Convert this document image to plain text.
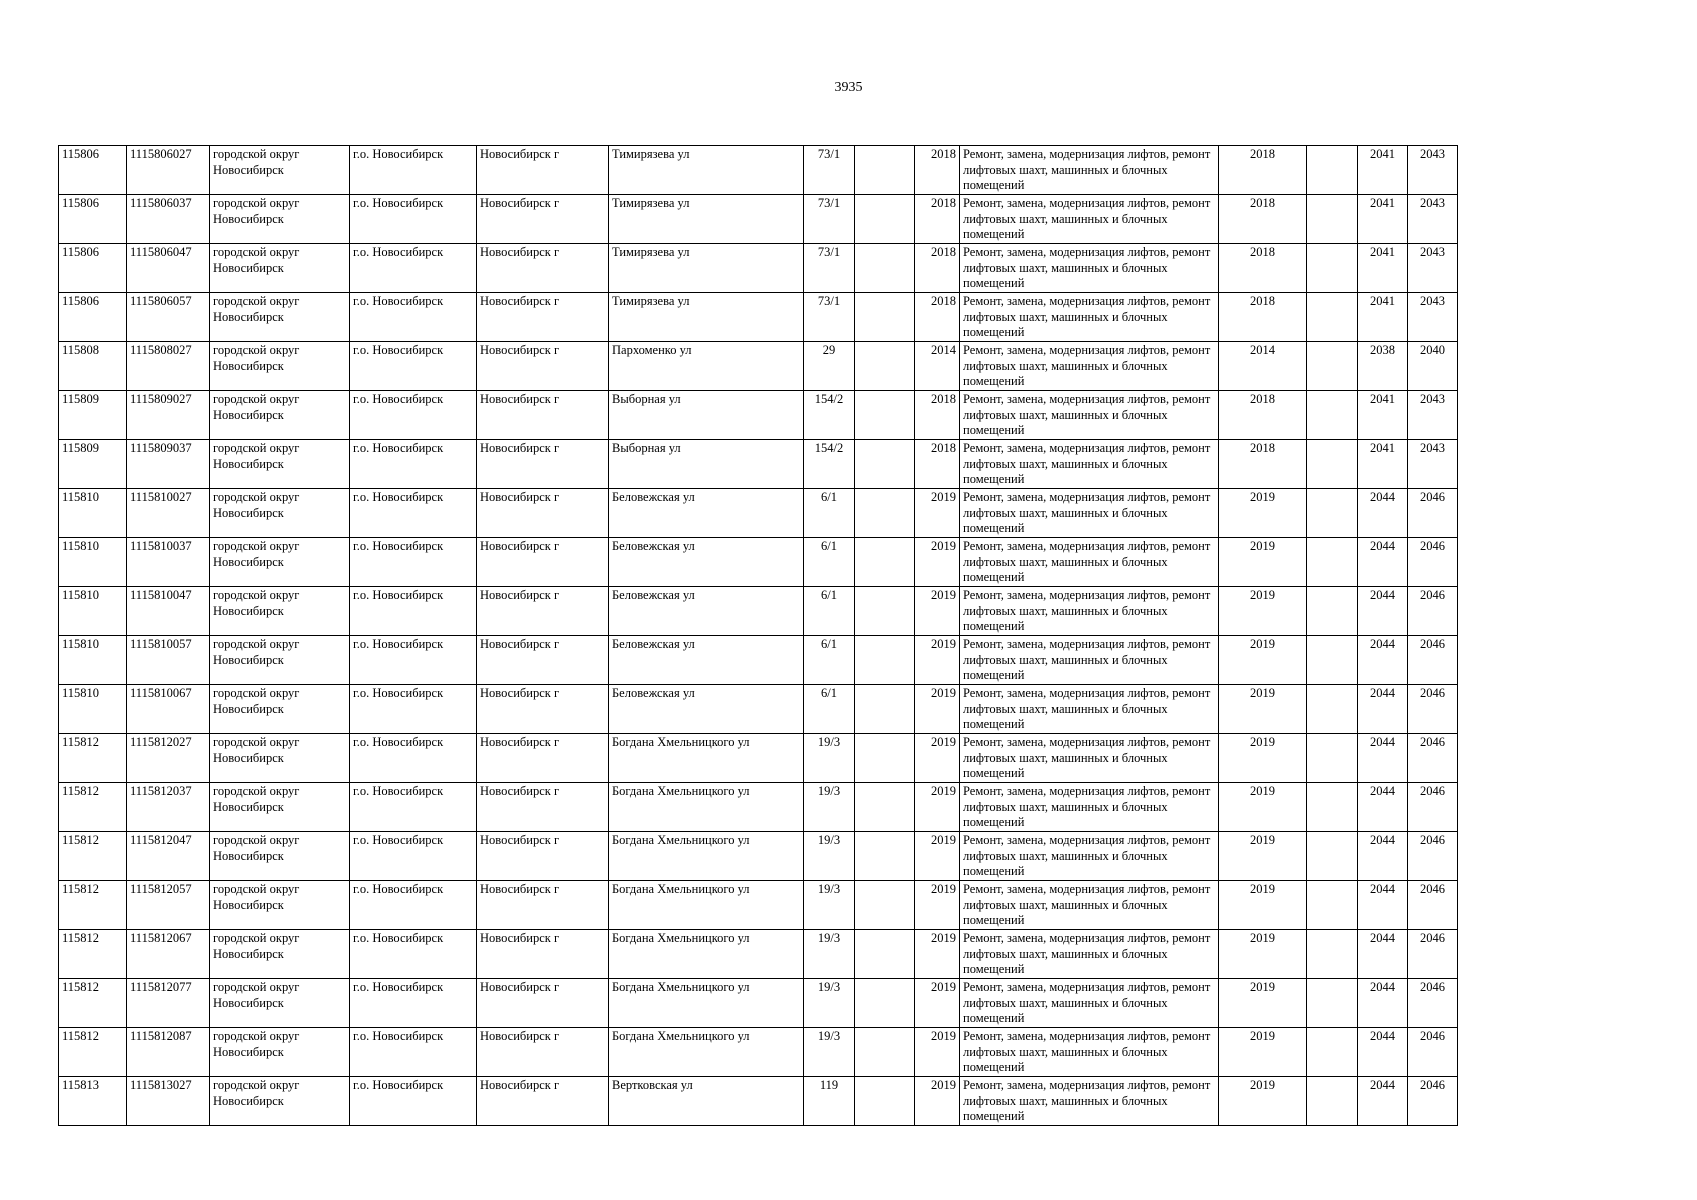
3935
115806	1115806027	городской округ Новосибирск	г.о. Новосибирск	Новосибирск г	Тимирязева ул	73/1		2018	Ремонт, замена, модернизация лифтов, ремонт лифтовых шахт, машинных и блочных помещений	2018		2041	2043
115806	1115806037	городской округ Новосибирск	г.о. Новосибирск	Новосибирск г	Тимирязева ул	73/1		2018	Ремонт, замена, модернизация лифтов, ремонт лифтовых шахт, машинных и блочных помещений	2018		2041	2043
115806	1115806047	городской округ Новосибирск	г.о. Новосибирск	Новосибирск г	Тимирязева ул	73/1		2018	Ремонт, замена, модернизация лифтов, ремонт лифтовых шахт, машинных и блочных помещений	2018		2041	2043
115806	1115806057	городской округ Новосибирск	г.о. Новосибирск	Новосибирск г	Тимирязева ул	73/1		2018	Ремонт, замена, модернизация лифтов, ремонт лифтовых шахт, машинных и блочных помещений	2018		2041	2043
115808	1115808027	городской округ Новосибирск	г.о. Новосибирск	Новосибирск г	Пархоменко ул	29		2014	Ремонт, замена, модернизация лифтов, ремонт лифтовых шахт, машинных и блочных помещений	2014		2038	2040
115809	1115809027	городской округ Новосибирск	г.о. Новосибирск	Новосибирск г	Выборная ул	154/2		2018	Ремонт, замена, модернизация лифтов, ремонт лифтовых шахт, машинных и блочных помещений	2018		2041	2043
115809	1115809037	городской округ Новосибирск	г.о. Новосибирск	Новосибирск г	Выборная ул	154/2		2018	Ремонт, замена, модернизация лифтов, ремонт лифтовых шахт, машинных и блочных помещений	2018		2041	2043
115810	1115810027	городской округ Новосибирск	г.о. Новосибирск	Новосибирск г	Беловежская ул	6/1		2019	Ремонт, замена, модернизация лифтов, ремонт лифтовых шахт, машинных и блочных помещений	2019		2044	2046
115810	1115810037	городской округ Новосибирск	г.о. Новосибирск	Новосибирск г	Беловежская ул	6/1		2019	Ремонт, замена, модернизация лифтов, ремонт лифтовых шахт, машинных и блочных помещений	2019		2044	2046
115810	1115810047	городской округ Новосибирск	г.о. Новосибирск	Новосибирск г	Беловежская ул	6/1		2019	Ремонт, замена, модернизация лифтов, ремонт лифтовых шахт, машинных и блочных помещений	2019		2044	2046
115810	1115810057	городской округ Новосибирск	г.о. Новосибирск	Новосибирск г	Беловежская ул	6/1		2019	Ремонт, замена, модернизация лифтов, ремонт лифтовых шахт, машинных и блочных помещений	2019		2044	2046
115810	1115810067	городской округ Новосибирск	г.о. Новосибирск	Новосибирск г	Беловежская ул	6/1		2019	Ремонт, замена, модернизация лифтов, ремонт лифтовых шахт, машинных и блочных помещений	2019		2044	2046
115812	1115812027	городской округ Новосибирск	г.о. Новосибирск	Новосибирск г	Богдана Хмельницкого ул	19/3		2019	Ремонт, замена, модернизация лифтов, ремонт лифтовых шахт, машинных и блочных помещений	2019		2044	2046
115812	1115812037	городской округ Новосибирск	г.о. Новосибирск	Новосибирск г	Богдана Хмельницкого ул	19/3		2019	Ремонт, замена, модернизация лифтов, ремонт лифтовых шахт, машинных и блочных помещений	2019		2044	2046
115812	1115812047	городской округ Новосибирск	г.о. Новосибирск	Новосибирск г	Богдана Хмельницкого ул	19/3		2019	Ремонт, замена, модернизация лифтов, ремонт лифтовых шахт, машинных и блочных помещений	2019		2044	2046
115812	1115812057	городской округ Новосибирск	г.о. Новосибирск	Новосибирск г	Богдана Хмельницкого ул	19/3		2019	Ремонт, замена, модернизация лифтов, ремонт лифтовых шахт, машинных и блочных помещений	2019		2044	2046
115812	1115812067	городской округ Новосибирск	г.о. Новосибирск	Новосибирск г	Богдана Хмельницкого ул	19/3		2019	Ремонт, замена, модернизация лифтов, ремонт лифтовых шахт, машинных и блочных помещений	2019		2044	2046
115812	1115812077	городской округ Новосибирск	г.о. Новосибирск	Новосибирск г	Богдана Хмельницкого ул	19/3		2019	Ремонт, замена, модернизация лифтов, ремонт лифтовых шахт, машинных и блочных помещений	2019		2044	2046
115812	1115812087	городской округ Новосибирск	г.о. Новосибирск	Новосибирск г	Богдана Хмельницкого ул	19/3		2019	Ремонт, замена, модернизация лифтов, ремонт лифтовых шахт, машинных и блочных помещений	2019		2044	2046
115813	1115813027	городской округ Новосибирск	г.о. Новосибирск	Новосибирск г	Вертковская ул	119		2019	Ремонт, замена, модернизация лифтов, ремонт лифтовых шахт, машинных и блочных помещений	2019		2044	2046
